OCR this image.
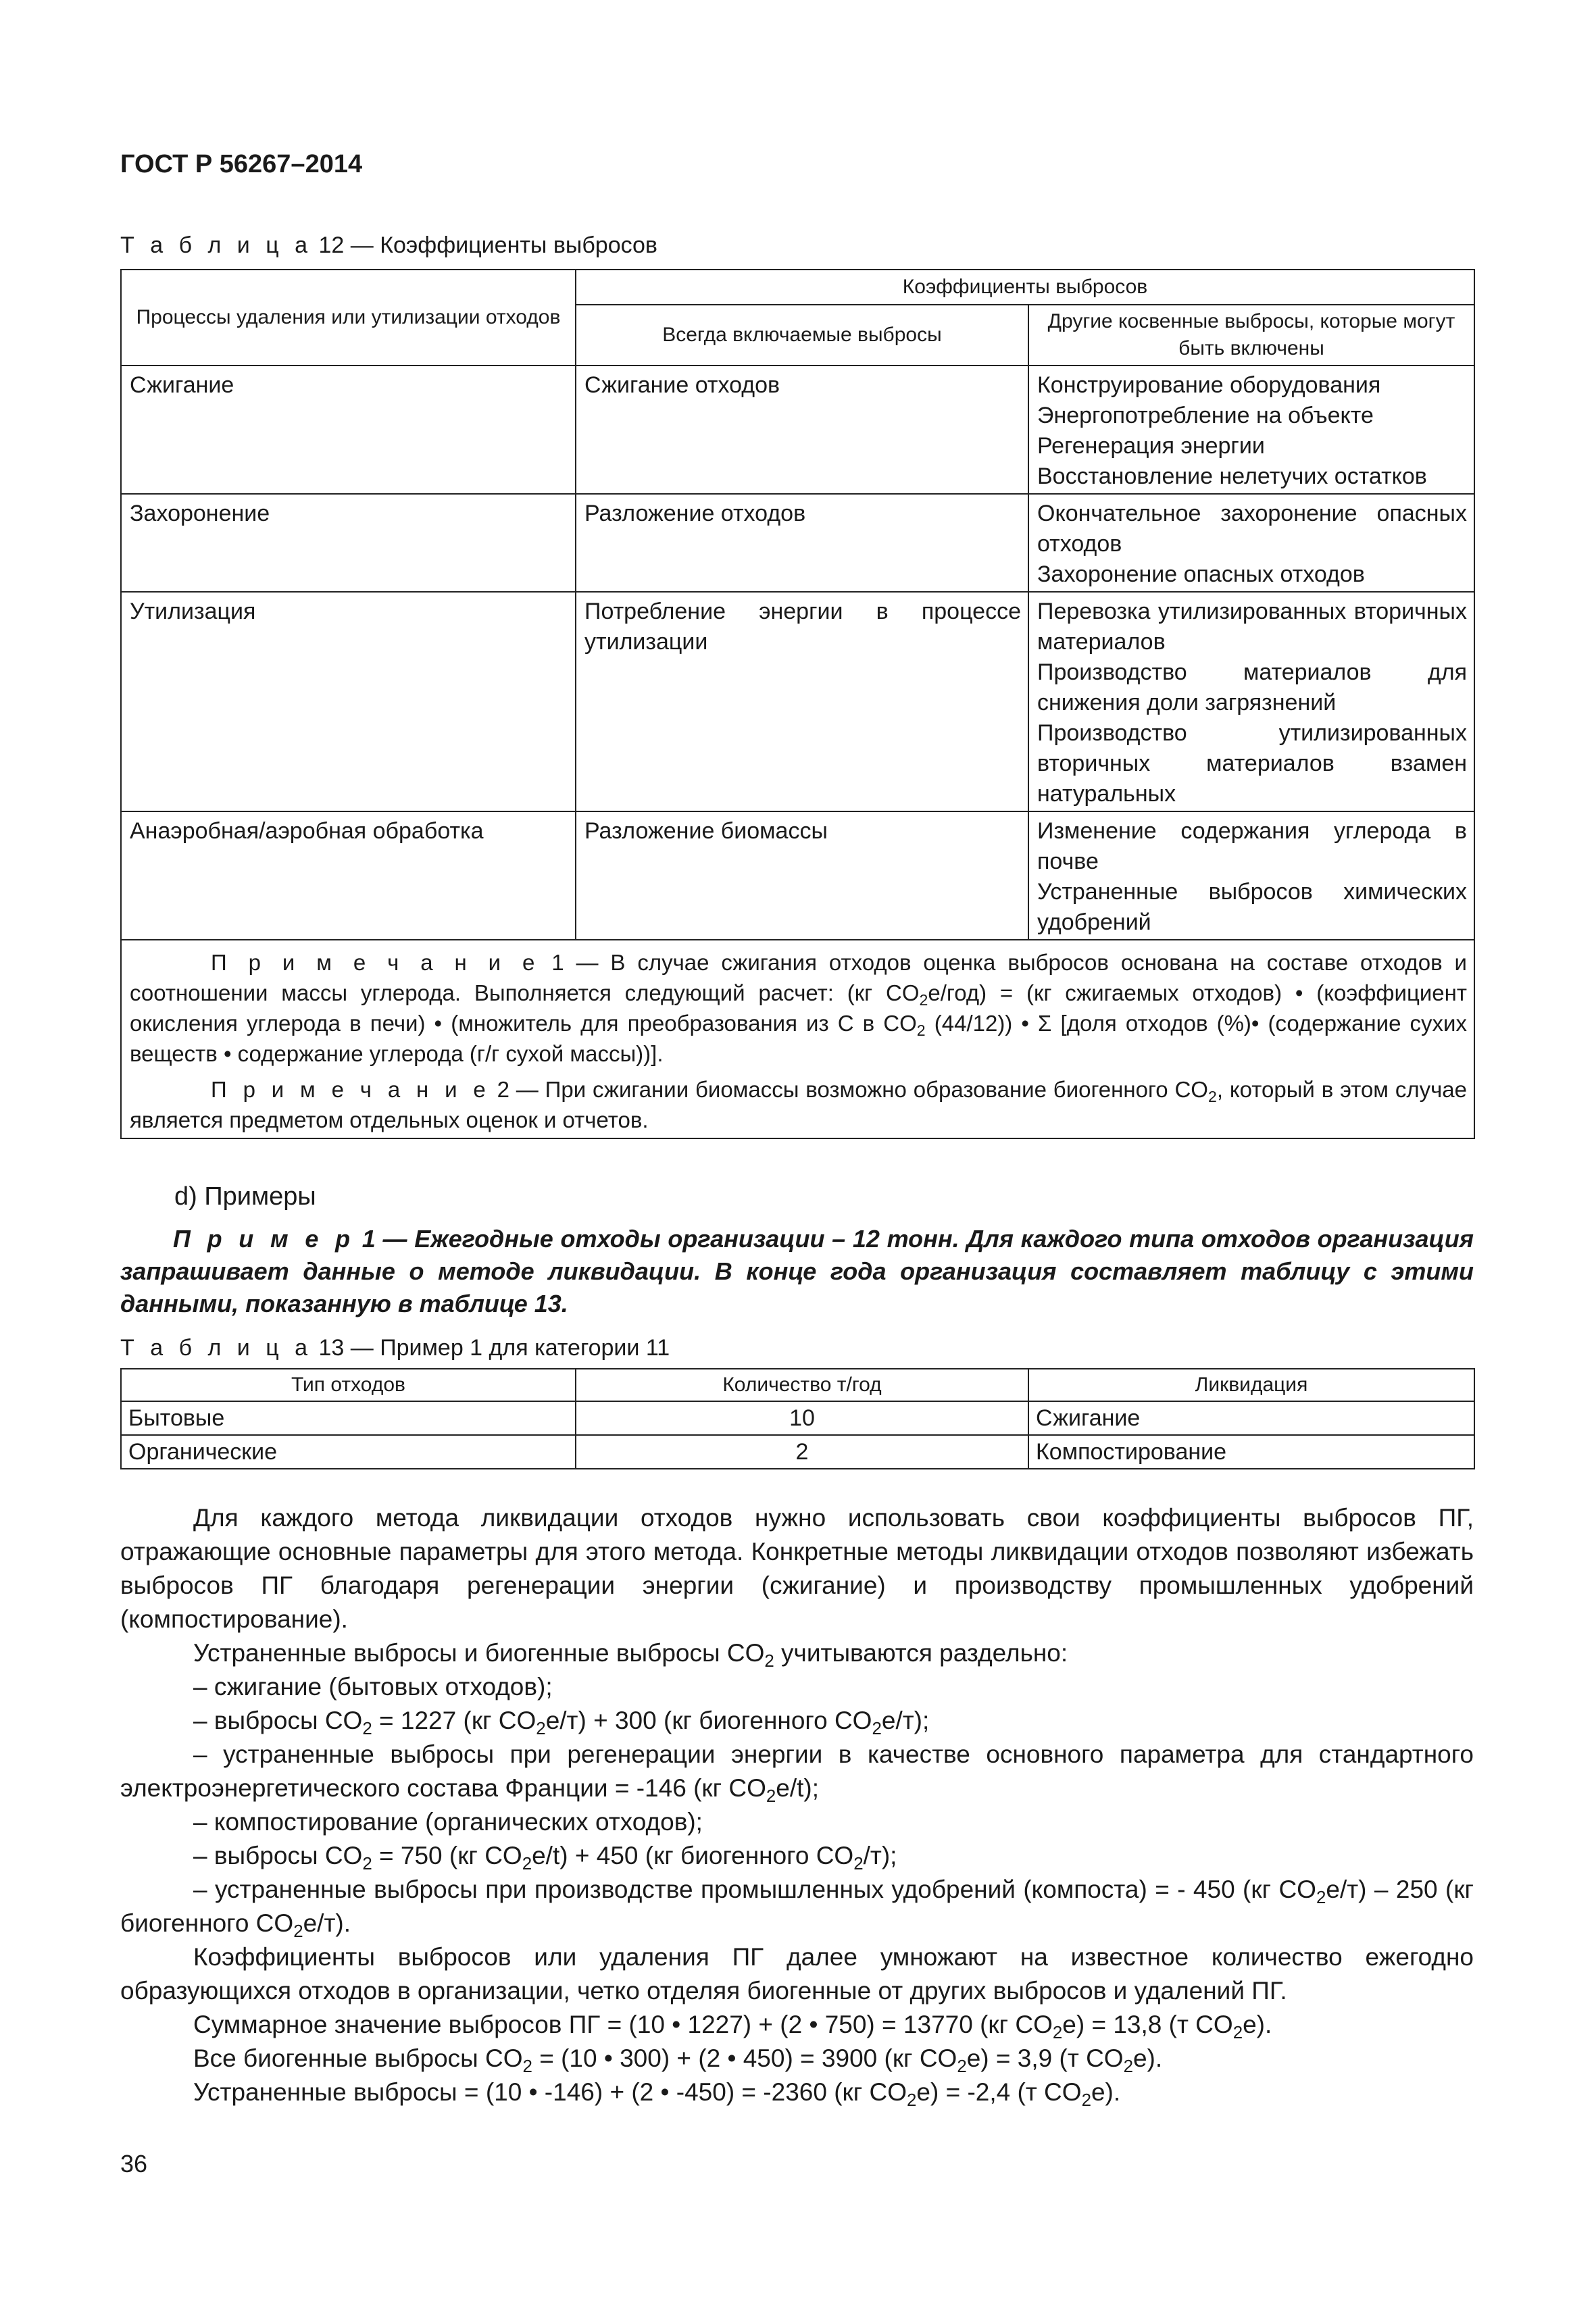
ГОСТ Р 56267–2014
Т а б л и ц а 12 — Коэффициенты выбросов
Процессы удаления или утилизации отходов	Коэффициенты выбросов	
	Всегда включаемые выбросы	Другие косвенные выбросы, которые могут быть включены
Сжигание	Сжигание отходов	Конструирование оборудования
Энергопотребление на объекте
Регенерация энергии
Восстановление нелетучих остатков

Захоронение	Разложение отходов	Окончательное захоронение опасных отходов
Захоронение опасных отходов

Утилизация	Потребление энергии в процессе утилизации	Перевозка утилизированных вторичных материалов
Производство материалов для снижения доли загрязнений
Производство утилизированных вторичных материалов взамен натуральных

Анаэробная/аэробная обработка	Разложение биомассы	Изменение содержания углерода в почве
Устраненные выбросов химических удобрений

П р и м е ч а н и е 1 — В случае сжигания отходов оценка выбросов основана на составе отходов и соотношении массы углерода. Выполняется следующий расчет: (кг $CO_2е/год) = (кг$ сжигаемых отходов) • (коэффициент окисления углерода в печи) • (множитель для преобразования из C в $CO_2$ (44/12)) • Σ [доля отходов (%)• (содержание сухих веществ • содержание углерода (г/г сухой массы))].
П р и м е ч а н и е 2 — При сжигании биомассы возможно образование биогенного $CO_2$, который в этом случае является предметом отдельных оценок и отчетов.		
d) Примеры
П р и м е р 1 — Ежегодные отходы организации – 12 тонн. Для каждого типа отходов организация запрашивает данные о методе ликвидации. В конце года организация составляет таблицу с этими данными, показанную в таблице 13.
Т а б л и ц а 13 — Пример 1 для категории 11
Тип отходов	Количество т/год	Ликвидация
Бытовые	10	Сжигание
Органические	2	Компостирование
Для каждого метода ликвидации отходов нужно использовать свои коэффициенты выбросов ПГ, отражающие основные параметры для этого метода. Конкретные методы ликвидации отходов позволяют избежать выбросов ПГ благодаря регенерации энергии (сжигание) и производству промышленных удобрений (компостирование).
Устраненные выбросы и биогенные выбросы $CO_2$ учитываются раздельно:
– сжигание (бытовых отходов);
– выбросы $CO_2 = 1227$ (кг $CO_2е/т) + 300$ (кг биогенного $CO_2е/т$);
– устраненные выбросы при регенерации энергии в качестве основного параметра для стандартного электроэнергетического состава Франции = -146 (кг $CO_2е/t$);
– компостирование (органических отходов);
– выбросы $CO_2 = 750$ (кг $CO_2е/t) + 450$ (кг биогенного $CO_2/т$);
– устраненные выбросы при производстве промышленных удобрений (компоста) = - 450 (кг $CO_2е/т) - 250$ (кг биогенного $CO_2е/т$).
Коэффициенты выбросов или удаления ПГ далее умножают на известное количество ежегодно образующихся отходов в организации, четко отделяя биогенные от других выбросов и удалений ПГ.
Суммарное значение выбросов ПГ = (10 • 1227) + (2 • 750) = 13770 (кг $CO_2е) = 13,8$ (т $CO_2е$).
Все биогенные выбросы $CO_2 = (10$ • 300) + (2 • 450) = 3900 (кг $CO_2е) = 3,9$ (т $CO_2е$).
Устраненные выбросы = (10 • -146) + (2 • -450) = -2360 (кг $CO_2е) = -2,4$ (т $CO_2е$).
36
